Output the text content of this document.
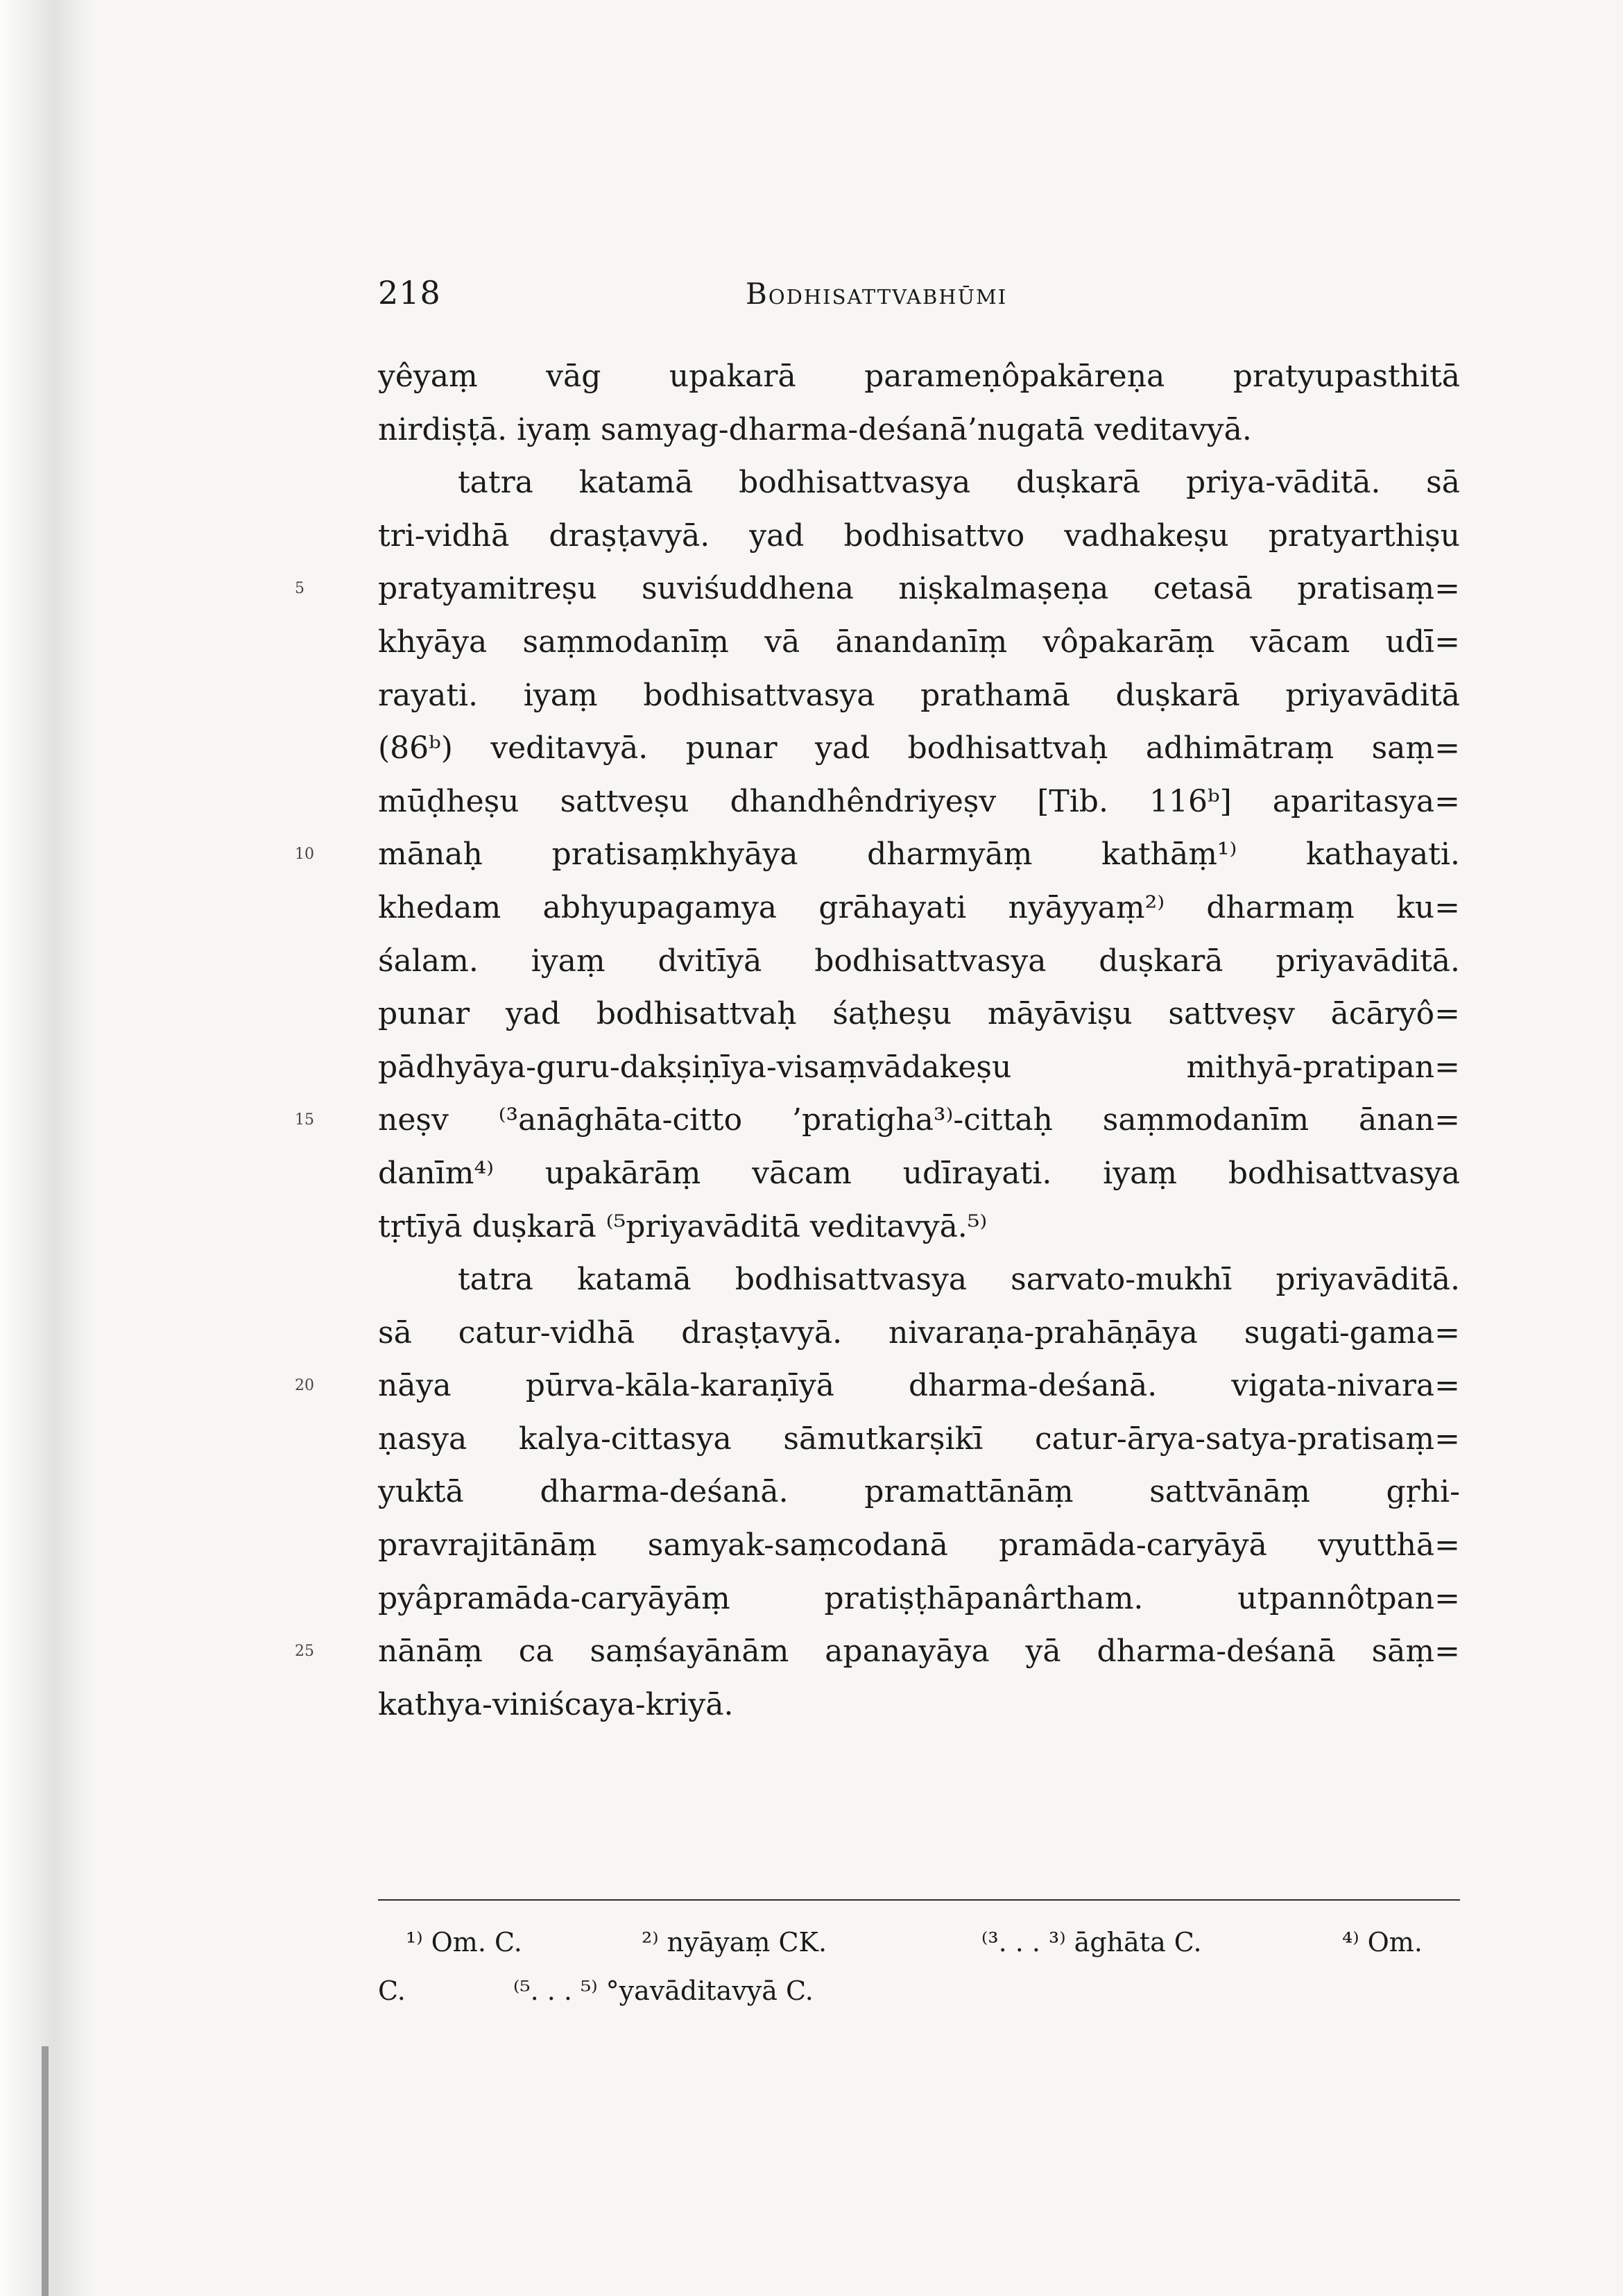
218	Bodhisattvabhūmi
yêyaṃ vāg upakarā parameṇôpakāreṇa pratyupasthitā
nirdiṣṭā. iyaṃ samyag-dharma-deśanā’nugatā veditavyā.
tatra katamā bodhisattvasya duṣkarā priya-vāditā. sā
tri-vidhā draṣṭavyā. yad bodhisattvo vadhakeṣu pratyarthiṣu
5	pratyamitreṣu suviśuddhena niṣkalmaṣeṇa cetasā pratisaṃ=
khyāya saṃmodanīṃ vā ānandanīṃ vôpakarāṃ vācam udī=
rayati. iyaṃ bodhisattvasya prathamā duṣkarā priyavāditā
(86ᵇ) veditavyā. punar yad bodhisattvaḥ adhimātraṃ saṃ=
mūḍheṣu sattveṣu dhandhêndriyeṣv [Tib. 116ᵇ] aparitasya=
10	mānaḥ pratisaṃkhyāya dharmyāṃ kathāṃ¹⁾ kathayati.
khedam abhyupagamya grāhayati nyāyyaṃ²⁾ dharmaṃ ku=
śalam. iyaṃ dvitīyā bodhisattvasya duṣkarā priyavāditā.
punar yad bodhisattvaḥ śaṭheṣu māyāviṣu sattveṣv ācāryô=
pādhyāya-guru-dakṣiṇīya-visaṃvādakeṣu mithyā-pratipan=
15	neṣv ⁽³anāghāta-citto ’pratigha³⁾-cittaḥ saṃmodanīm ānan=
danīm⁴⁾ upakārāṃ vācam udīrayati. iyaṃ bodhisattvasya
tṛtīyā duṣkarā ⁽⁵priyavāditā veditavyā.⁵⁾
tatra katamā bodhisattvasya sarvato-mukhī priyavāditā.
sā catur-vidhā draṣṭavyā. nivaraṇa-prahāṇāya sugati-gama=
20	nāya pūrva-kāla-karaṇīyā dharma-deśanā. vigata-nivara=
ṇasya kalya-cittasya sāmutkarṣikī catur-ārya-satya-pratisaṃ=
yuktā dharma-deśanā. pramattānāṃ sattvānāṃ gṛhi-
pravrajitānāṃ samyak-saṃcodanā pramāda-caryāyā vyutthā=
pyâpramāda-caryāyāṃ pratiṣṭhāpanârtham. utpannôtpan=
25	nānāṃ ca saṃśayānām apanayāya yā dharma-deśanā sāṃ=
kathya-viniścaya-kriyā.
¹⁾ Om. C.	²⁾ nyāyaṃ CK.	⁽³. . . ³⁾ āghāta C.	⁴⁾ Om.
C.	⁽⁵. . . ⁵⁾ °yavāditavyā C.
